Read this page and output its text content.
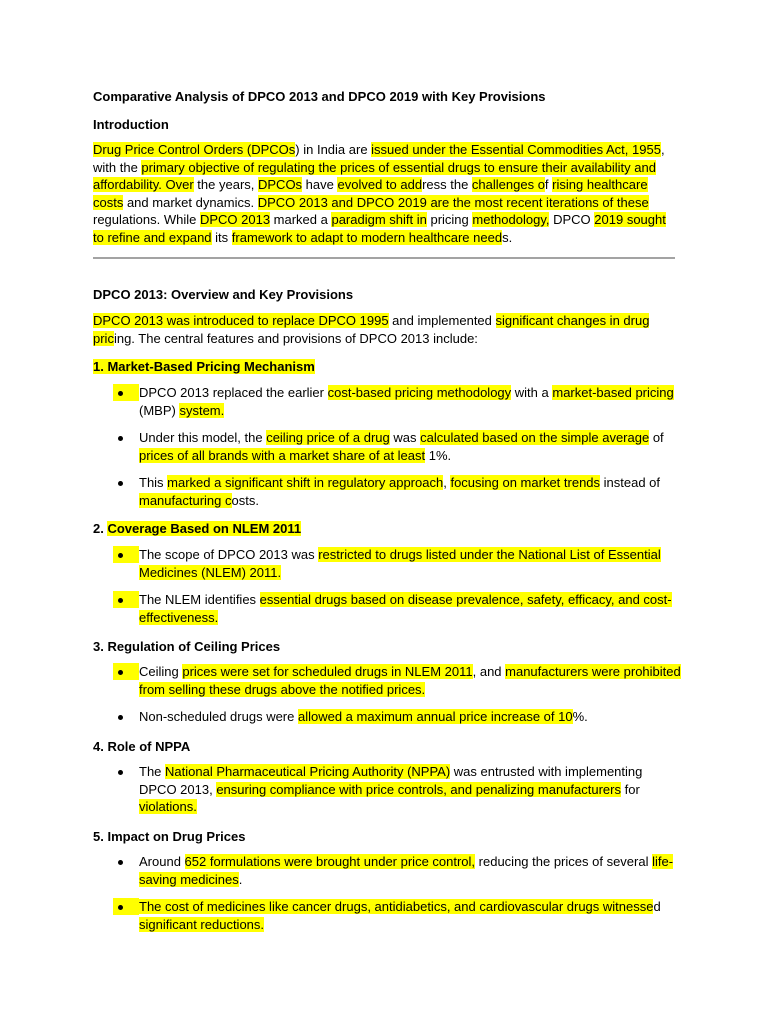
Comparative Analysis of DPCO 2013 and DPCO 2019 with Key Provisions
Introduction

Drug Price Control Orders (DPCOs) in India are issued under the Essential Commodities Act, 1955, with the primary objective of regulating the prices of essential drugs to ensure their availability and affordability. Over the years, DPCOs have evolved to address the challenges of rising healthcare costs and market dynamics. DPCO 2013 and DPCO 2019 are the most recent iterations of these regulations. While DPCO 2013 marked a paradigm shift in pricing methodology, DPCO 2019 sought to refine and expand its framework to adapt to modern healthcare needs.

DPCO 2013: Overview and Key Provisions

DPCO 2013 was introduced to replace DPCO 1995 and implemented significant changes in drug pricing. The central features and provisions of DPCO 2013 include:

1. Market-Based Pricing Mechanism
DPCO 2013 replaced the earlier cost-based pricing methodology with a market-based pricing (MBP) system.
Under this model, the ceiling price of a drug was calculated based on the simple average of prices of all brands with a market share of at least 1%.
This marked a significant shift in regulatory approach, focusing on market trends instead of manufacturing costs.
2. Coverage Based on NLEM 2011
The scope of DPCO 2013 was restricted to drugs listed under the National List of Essential Medicines (NLEM) 2011.
The NLEM identifies essential drugs based on disease prevalence, safety, efficacy, and cost-effectiveness.
3. Regulation of Ceiling Prices
Ceiling prices were set for scheduled drugs in NLEM 2011, and manufacturers were prohibited from selling these drugs above the notified prices.
Non-scheduled drugs were allowed a maximum annual price increase of 10%.
4. Role of NPPA
The National Pharmaceutical Pricing Authority (NPPA) was entrusted with implementing DPCO 2013, ensuring compliance with price controls, and penalizing manufacturers for violations.
5. Impact on Drug Prices
Around 652 formulations were brought under price control, reducing the prices of several life-saving medicines.
The cost of medicines like cancer drugs, antidiabetics, and cardiovascular drugs witnessed significant reductions.
